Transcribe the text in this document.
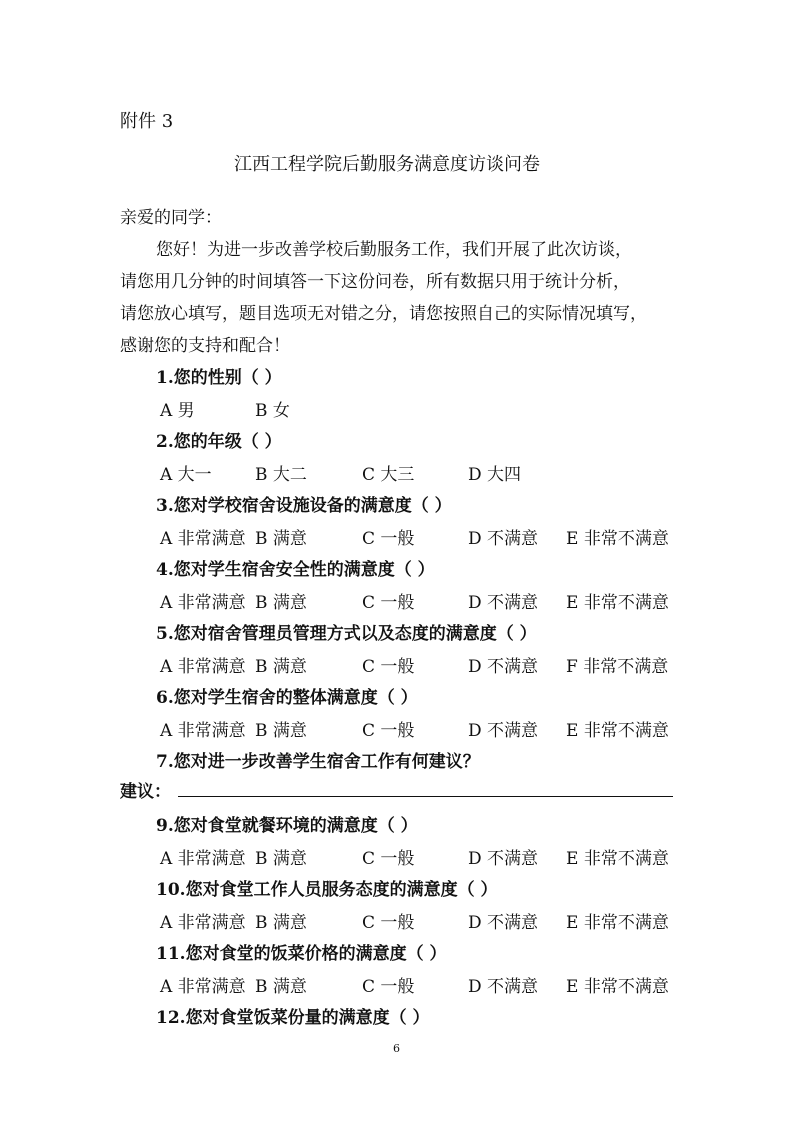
附件 3
江西工程学院后勤服务满意度访谈问卷
亲爱的同学：
您好！为进一步改善学校后勤服务工作，我们开展了此次访谈，
请您用几分钟的时间填答一下这份问卷，所有数据只用于统计分析，
请您放心填写，题目选项无对错之分，请您按照自己的实际情况填写，
感谢您的支持和配合！
1.您的性别（ ）
A 男	B 女
2.您的年级（ ）
A 大一	B 大二	C 大三	D 大四
3.您对学校宿舍设施设备的满意度（ ）
A 非常满意 B 满意	C 一般	D 不满意 E 非常不满意
4.您对学生宿舍安全性的满意度（ ）
A 非常满意 B 满意	C 一般	D 不满意 E 非常不满意
5.您对宿舍管理员管理方式以及态度的满意度（ ）
A 非常满意 B 满意	C 一般	D 不满意 F 非常不满意
6.您对学生宿舍的整体满意度（ ）
A 非常满意 B 满意	C 一般	D 不满意 E 非常不满意
7.您对进一步改善学生宿舍工作有何建议？
建议：
9.您对食堂就餐环境的满意度（ ）
A 非常满意 B 满意	C 一般	D 不满意 E 非常不满意
10.您对食堂工作人员服务态度的满意度（ ）
A 非常满意 B 满意	C 一般	D 不满意 E 非常不满意
11.您对食堂的饭菜价格的满意度（ ）
A 非常满意 B 满意	C 一般	D 不满意 E 非常不满意
12.您对食堂饭菜份量的满意度（ ）
6
